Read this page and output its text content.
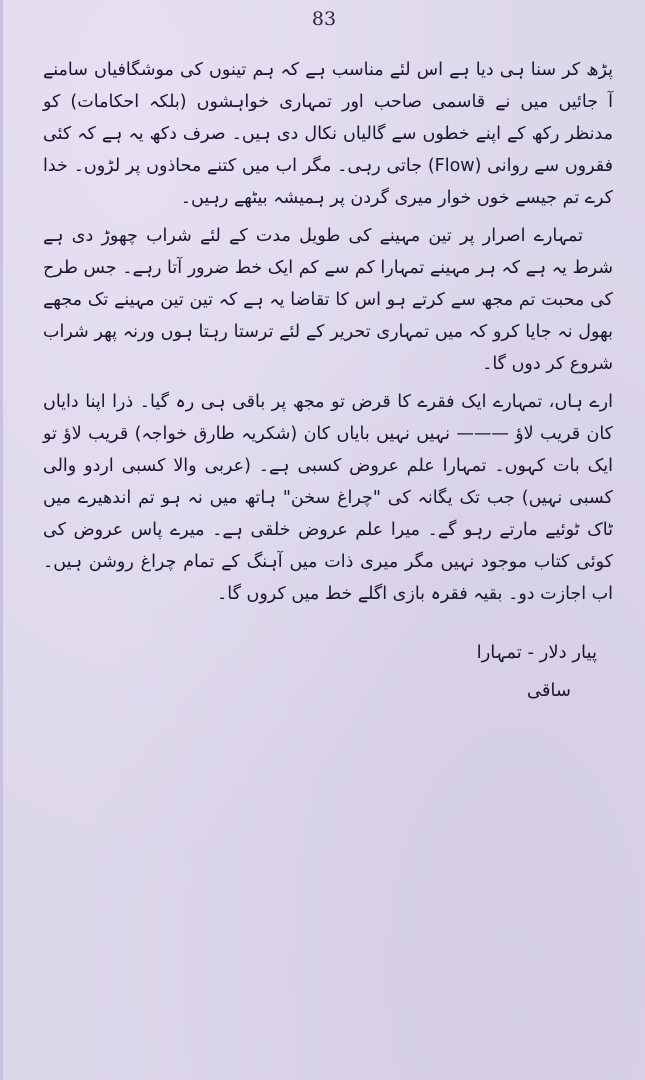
83

پڑھ کر سنا ہی دیا ہے اس لئے مناسب ہے کہ ہم تینوں کی موشگافیاں سامنے آ جائیں میں نے قاسمی صاحب اور تمہاری خواہشوں (بلکہ احکامات) کو مدنظر رکھ کے اپنے خطوں سے گالیاں نکال دی ہیں۔ صرف دکھ یہ ہے کہ کئی فقروں سے روانی (Flow) جاتی رہی۔ مگر اب میں کتنے محاذوں پر لڑوں۔ خدا کرے تم جیسے خوں خوار میری گردن پر ہمیشہ بیٹھے رہیں۔

تمہارے اصرار پر تین مہینے کی طویل مدت کے لئے شراب چھوڑ دی ہے شرط یہ ہے کہ ہر مہینے تمہارا کم سے کم ایک خط ضرور آتا رہے۔ جس طرح کی محبت تم مجھ سے کرتے ہو اس کا تقاضا یہ ہے کہ تین تین مہینے تک مجھے بھول نہ جایا کرو کہ میں تمہاری تحریر کے لئے ترستا رہتا ہوں ورنہ پھر شراب شروع کر دوں گا۔

ارے ہاں، تمہارے ایک فقرے کا قرض تو مجھ پر باقی ہی رہ گیا۔ ذرا اپنا دایاں کان قریب لاؤ ——— نہیں نہیں بایاں کان (شکریہ طارق خواجہ) قریب لاؤ تو ایک بات کہوں۔ تمہارا علم عروض کسبی ہے۔ (عربی والا کسبی اردو والی کسبی نہیں) جب تک یگانہ کی "چراغ سخن" ہاتھ میں نہ ہو تم اندھیرے میں ٹاک ٹوئیے مارتے رہو گے۔ میرا علم عروض خلقی ہے۔ میرے پاس عروض کی کوئی کتاب موجود نہیں مگر میری ذات میں آہنگ کے تمام چراغ روشن ہیں۔ اب اجازت دو۔ بقیہ فقرہ بازی اگلے خط میں کروں گا۔

پیار دلار - تمہارا
ساقی
